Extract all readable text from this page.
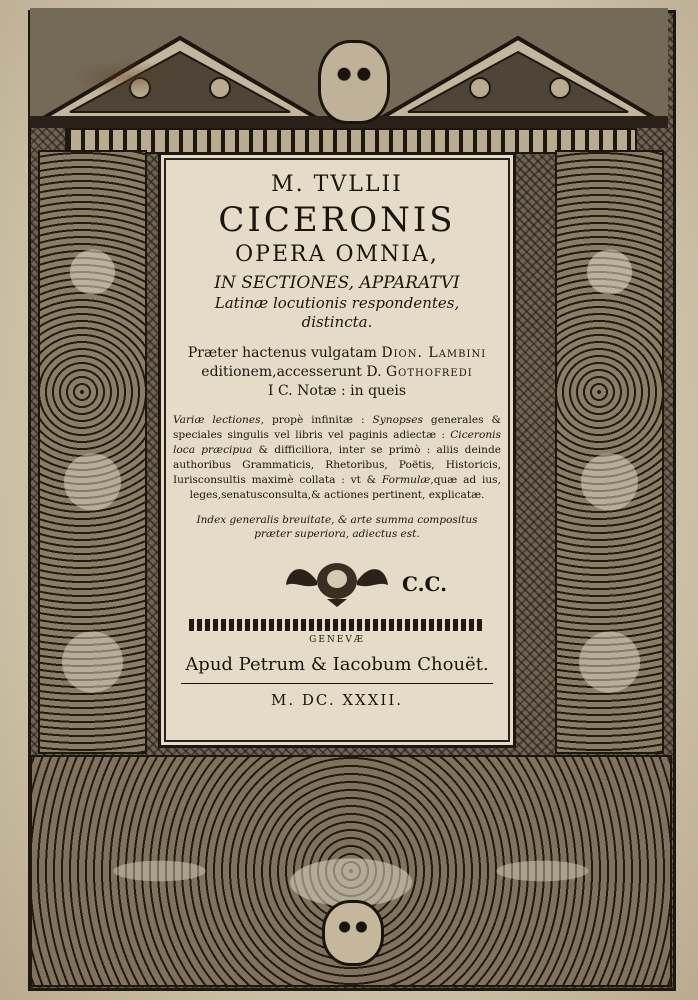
M. TVLLII
CICERONIS
OPERA OMNIA,
IN SECTIONES, APPARATVI
Latinæ locutionis respondentes,
distincta.
Præter hactenus vulgatam Dion. Lambini
editionem,accesserunt D. Gothofredi
I C. Notæ : in queis
Variæ lectiones, propè infinitæ : Synopses generales & speciales singulis vel libris vel paginis adiectæ : Ciceronis loca præcipua & difficiliora, inter se primò : aliis deinde authoribus Grammaticis, Rhetoribus, Poëtis, Historicis, Iurisconsultis maximè collata : vt & Formulæ,quæ ad ius, leges,senatusconsulta,& actiones pertinent, explicatæ.
Index generalis breuitate, & arte summa compositus
præter superiora, adiectus est.
GENEVÆ
Apud Petrum & Iacobum Chouët.
M. DC. XXXII.
C.C.
